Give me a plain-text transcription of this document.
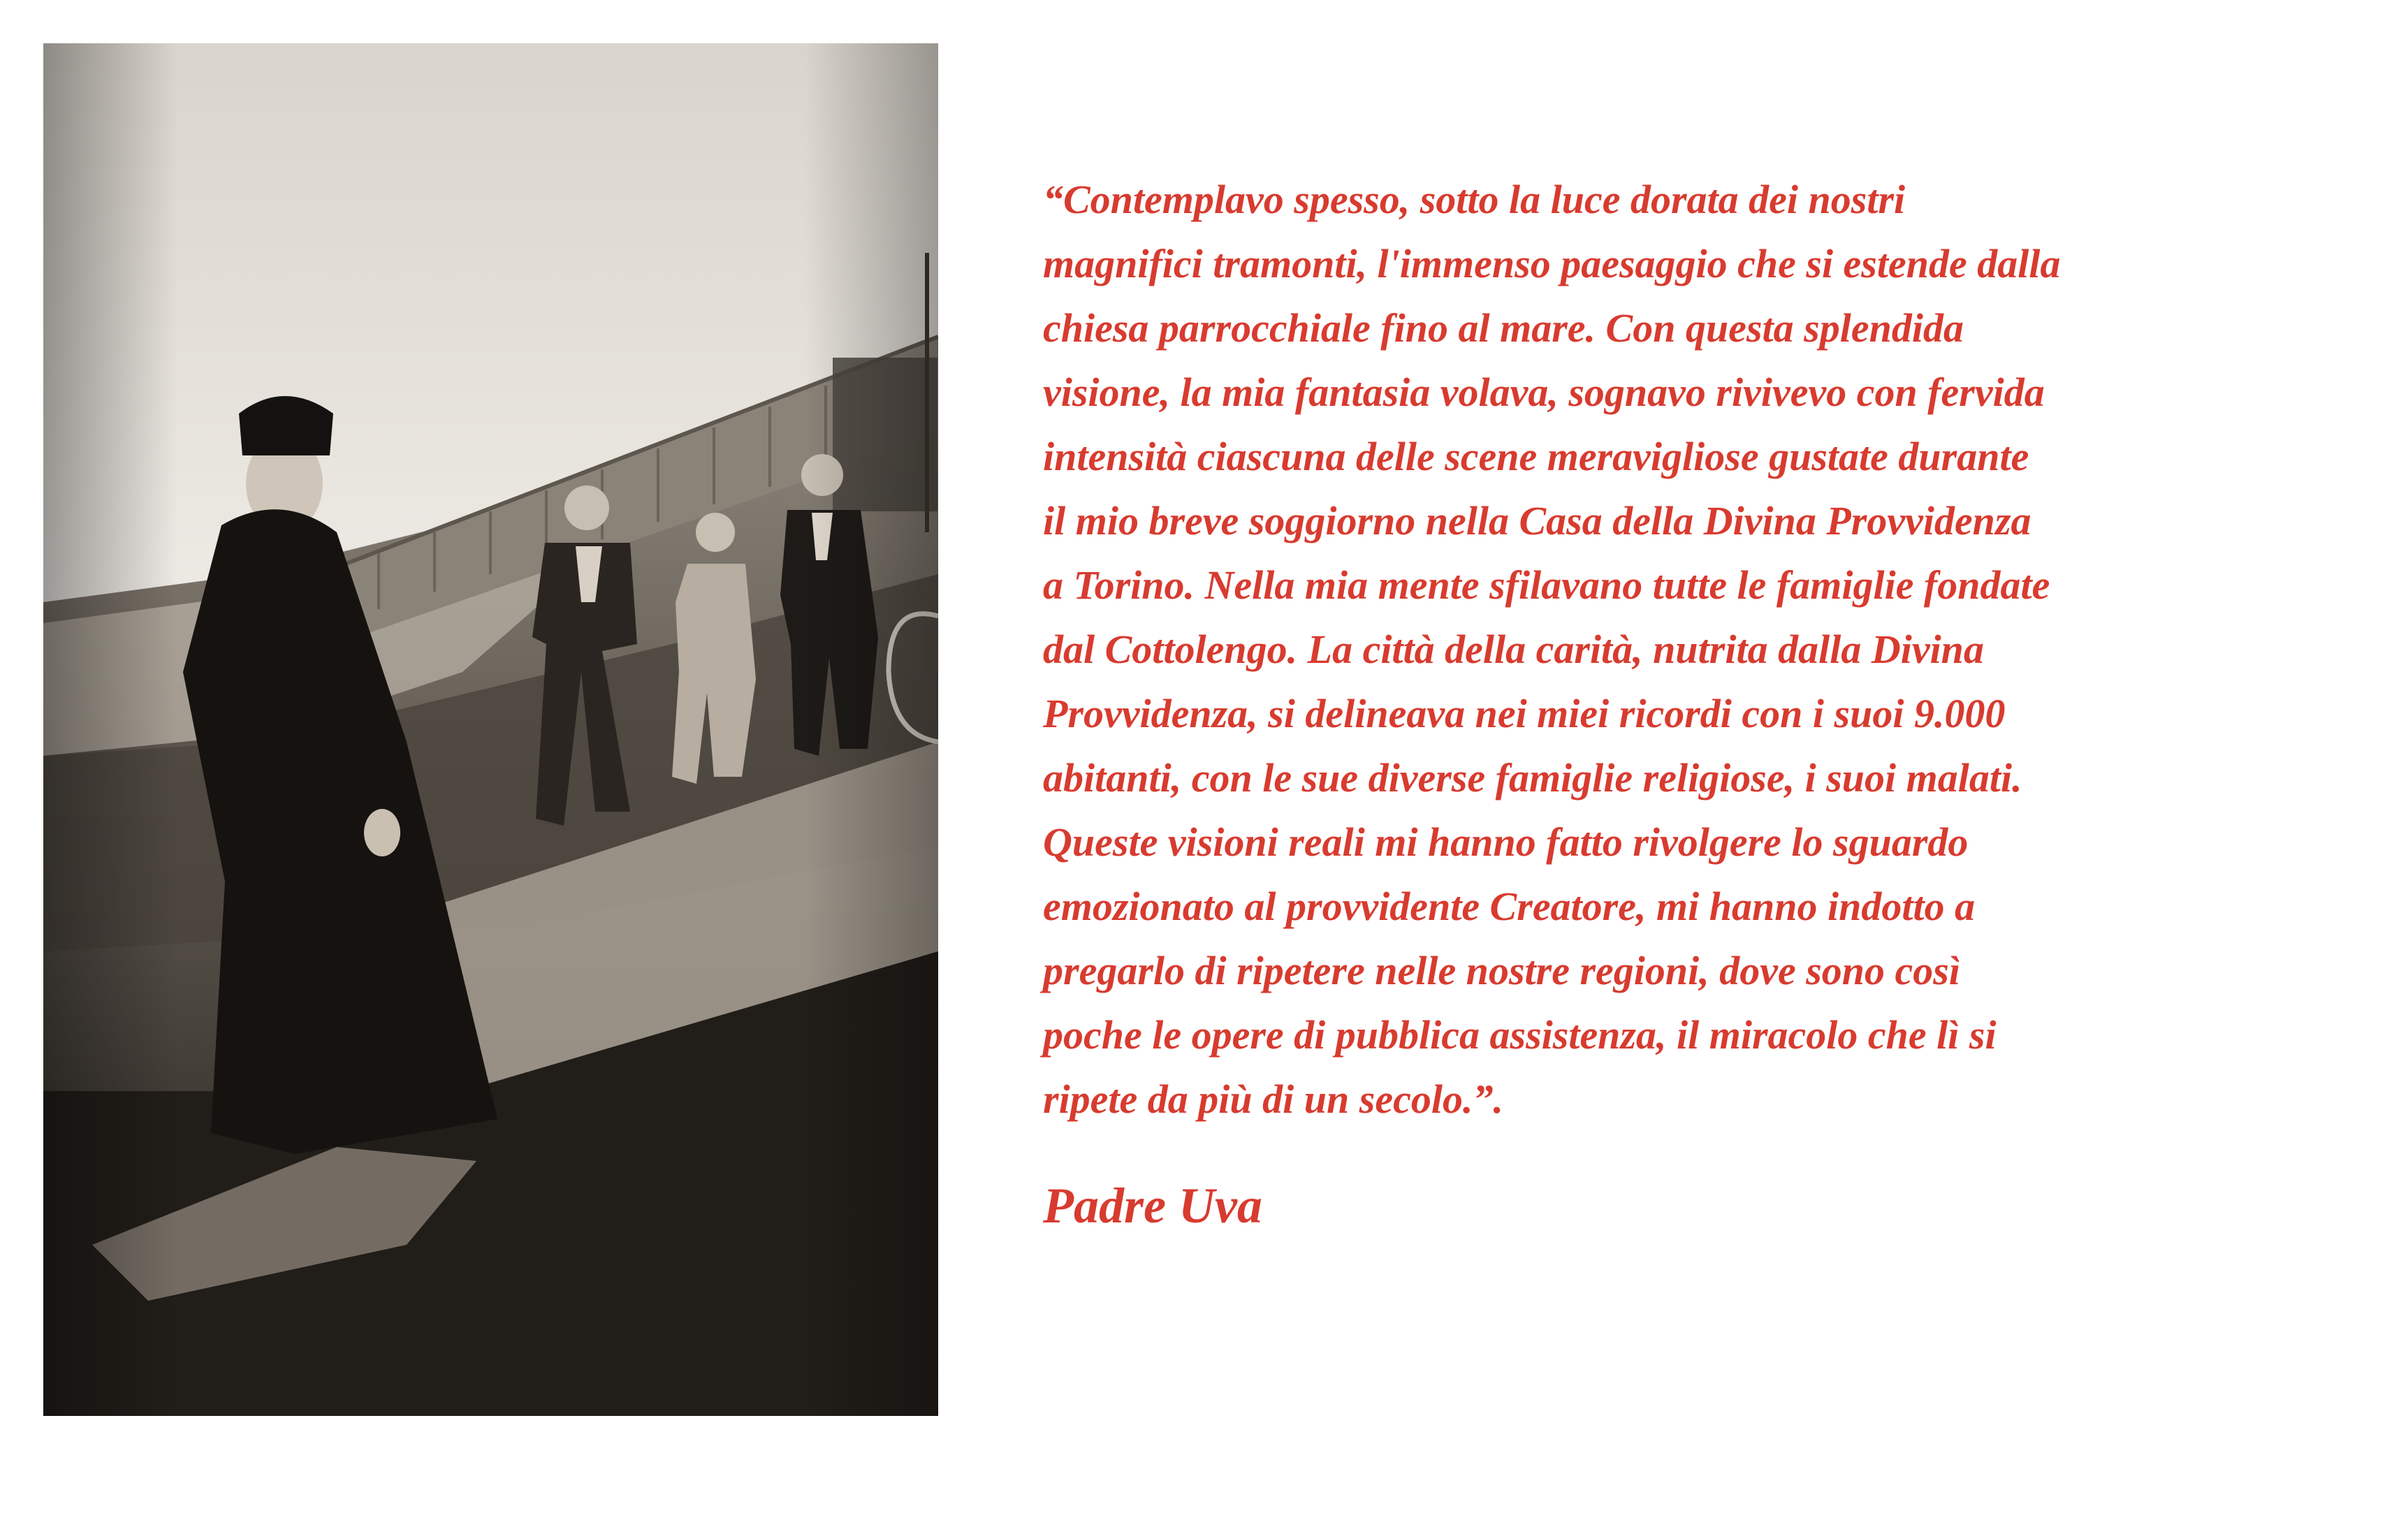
“Contemplavo spesso, sotto la luce dorata dei nostri
magnifici tramonti, l'immenso paesaggio che si estende dalla
chiesa parrocchiale fino al mare. Con questa splendida
visione, la mia fantasia volava, sognavo rivivevo con fervida
intensità ciascuna delle scene meravigliose gustate durante
il mio breve soggiorno nella Casa della Divina Provvidenza
a Torino. Nella mia mente sfilavano tutte le famiglie fondate
dal Cottolengo. La città della carità, nutrita dalla Divina
Provvidenza, si delineava nei miei ricordi con i suoi 9.000
abitanti, con le sue diverse famiglie religiose, i suoi malati.
Queste visioni reali mi hanno fatto rivolgere lo sguardo
emozionato al provvidente Creatore, mi hanno indotto a
pregarlo di ripetere nelle nostre regioni, dove sono così
poche le opere di pubblica assistenza, il miracolo che lì si
ripete da più di un secolo.”.
Padre Uva
